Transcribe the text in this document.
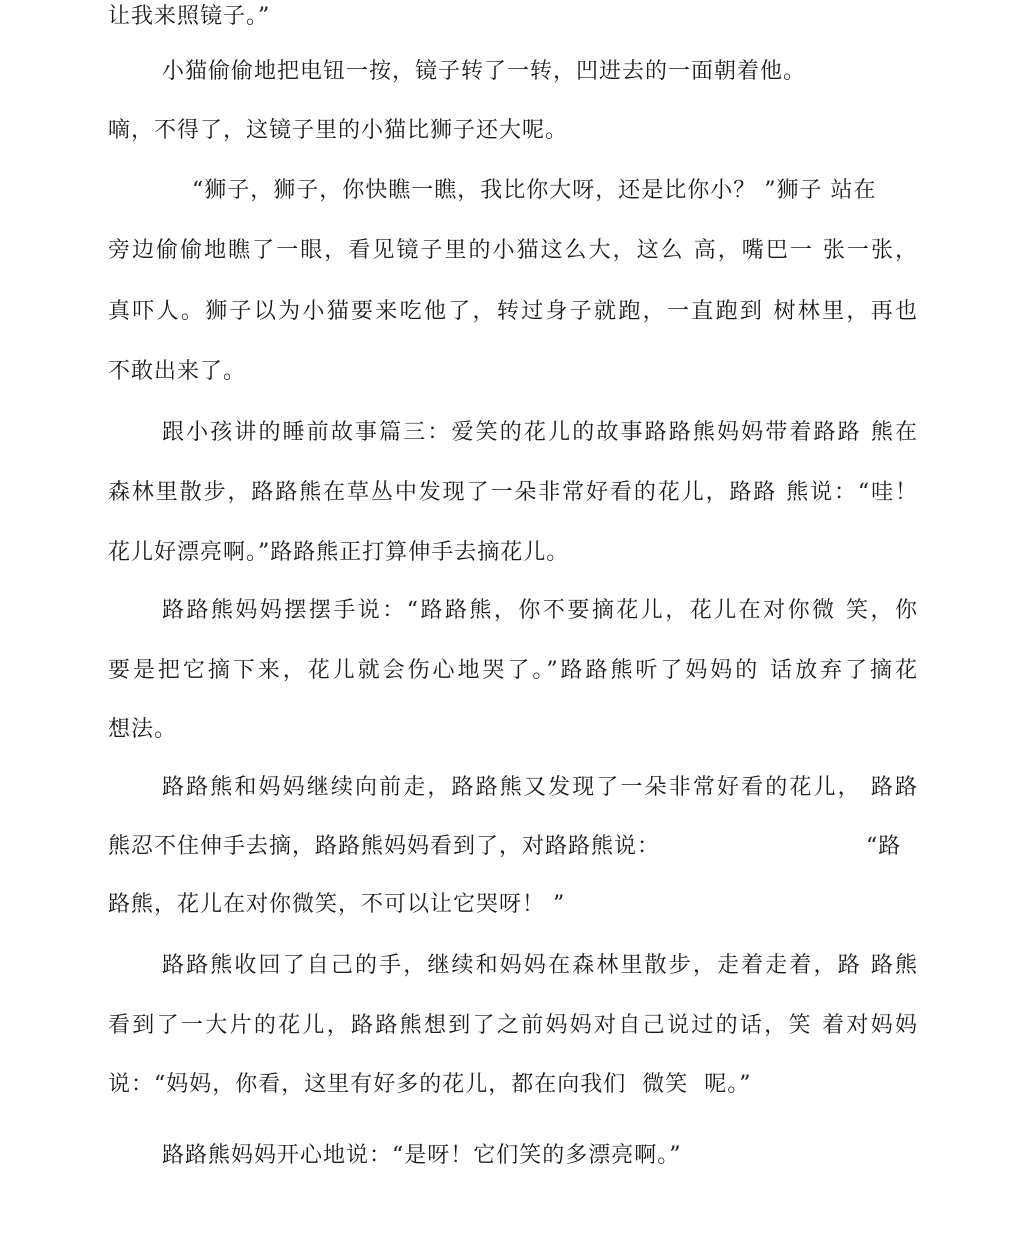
让我来照镜子。”
小猫偷偷地把电钮一按，镜子转了一转，凹进去的一面朝着他。
嘀，不得了，这镜子里的小猫比狮子还大呢。
“狮子，狮子，你快瞧一瞧，我比你大呀，还是比你小？ ”狮子 站在
旁边偷偷地瞧了一眼，看见镜子里的小猫这么大，这么 高，嘴巴一 张一张，
真吓人。狮子以为小猫要来吃他了，转过身子就跑，一直跑到 树林里，再也
不敢出来了。
跟小孩讲的睡前故事篇三：爱笑的花儿的故事路路熊妈妈带着路路 熊在
森林里散步，路路熊在草丛中发现了一朵非常好看的花儿，路路 熊说：“哇！
花儿好漂亮啊。”路路熊正打算伸手去摘花儿。
路路熊妈妈摆摆手说：“路路熊，你不要摘花儿，花儿在对你微 笑，你
要是把它摘下来，花儿就会伤心地哭了。”路路熊听了妈妈的 话放弃了摘花
想法。
路路熊和妈妈继续向前走，路路熊又发现了一朵非常好看的花儿， 路路
熊忍不住伸手去摘，路路熊妈妈看到了，对路路熊说：	“路
路熊，花儿在对你微笑，不可以让它哭呀！ ”
路路熊收回了自己的手，继续和妈妈在森林里散步，走着走着，路 路熊
看到了一大片的花儿，路路熊想到了之前妈妈对自己说过的话，笑 着对妈妈
说：“妈妈，你看，这里有好多的花儿，都在向我们  微笑  呢。”
路路熊妈妈开心地说：“是呀！它们笑的多漂亮啊。”
